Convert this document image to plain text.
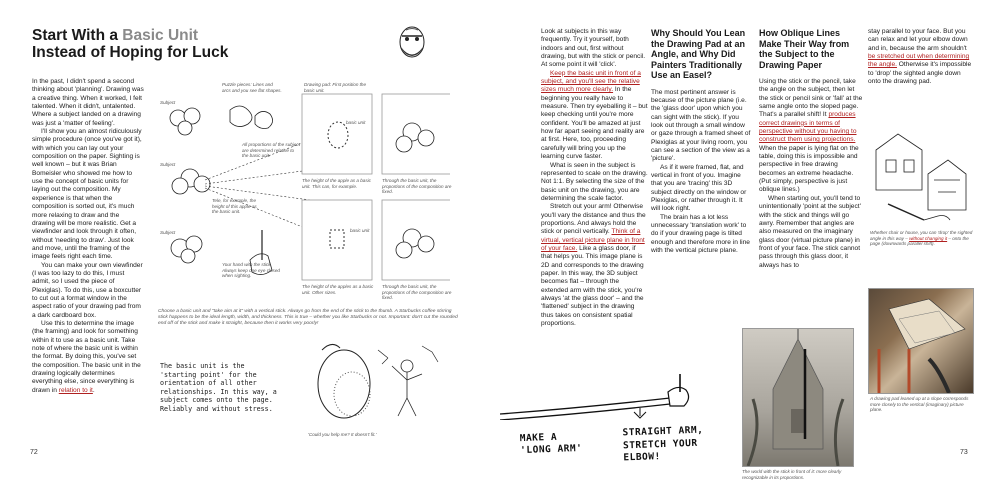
Start With a Basic Unit
Instead of Hoping for Luck

In the past, I didn't spend a second thinking about 'planning'. Drawing was a creative thing. When it worked, I felt talented. When it didn't, untalented. Where a subject landed on a drawing was just a 'matter of feeling'.

I'll show you an almost ridiculously simple procedure (once you've got it), with which you can lay out your composition on the paper. Sighting is well known – but it was Brian Bomeisler who showed me how to use the concept of basic units for laying out the composition. My experience is that when the composition is sorted out, it's much more relaxing to draw and the drawing will be more realistic. Get a viewfinder and look through it often, without 'needing to draw'. Just look and move, until the framing of the image feels right each time.

You can make your own viewfinder (I was too lazy to do this, I must admit, so I used the piece of Plexiglas). To do this, use a boxcutter to cut out a format window in the aspect ratio of your drawing pad from a dark cardboard box.

Use this to determine the image (the framing) and look for something within it to use as a basic unit. Take note of where the basic unit is within the format. By doing this, you've set the composition. The basic unit in the drawing logically determines everything else, since everything is drawn in relation to it.

Subject
Subject
Subject
Puzzle pieces: Lines and arcs and you see flat shapes.
Drawing pad: First position the basic unit.
All proportions of the subject are determined relative to the basic unit.
Tele, for example, the height of this apple as the basic unit.
Your hand with the stick. Always keep one eye closed when sighting.
basic unit
basic unit
The height of the apple as a basic unit. This can, for example.
Through the basic unit, the proportions of the composition are fixed.
The height of the apples as a basic unit. Other sizes.
Through the basic unit, the proportions of the composition are fixed.
Choose a basic unit and "take aim at it" with a vertical stick. Always go from the end of the stick to the thumb. A Starbucks coffee stirring stick happens to be the ideal length, width, and thickness. This is true – whether you like Starbucks or not. Important: don't cut the rounded end off of the stick and make it straight, because then it works very poorly!
The basic unit is the 'starting point' for the orientation of all other relationships. In this way, a subject comes onto the page. Reliably and without stress.
'Could you help me? It doesn't fit.'
72

Look at subjects in this way frequently. Try it yourself, both indoors and out, first without drawing, but with the stick or pencil. At some point it will 'click'.

Keep the basic unit in front of a subject, and you'll see the relative sizes much more clearly. In the beginning you really have to measure. Then try eyeballing it – but keep checking until you're more confident. You'll be amazed at just how far apart seeing and reality are at first. Here, too, proceeding carefully will bring you up the learning curve faster.

What is seen in the subject is represented to scale on the drawing. Not 1:1. By selecting the size of the basic unit on the drawing, you are determining the scale factor.

Stretch out your arm! Otherwise you'll vary the distance and thus the proportions. And always hold the stick or pencil vertically. Think of a virtual, vertical picture plane in front of your face. Like a glass door, if that helps you. This image plane is 2D and corresponds to the drawing paper. In this way, the 3D subject becomes flat – through the extended arm with the stick, you're always 'at the glass door' – and the 'flattened' subject in the drawing thus takes on consistent spatial proportions.

Why Should You Lean the Drawing Pad at an Angle, and Why Did Painters Traditionally Use an Easel?

The most pertinent answer is because of the picture plane (i.e. the 'glass door' upon which you can sight with the stick). If you look out through a small window or gaze through a framed sheet of Plexiglas at your living room, you can see a section of the view as a 'picture'.

As if it were framed, flat, and vertical in front of you. Imagine that you are 'tracing' this 3D subject directly on the window or Plexiglas, or rather through it. It will look right.

The brain has a lot less unnecessary 'translation work' to do if your drawing page is tilted enough and therefore more in line with the vertical picture plane.

How Oblique Lines Make Their Way from the Subject to the Drawing Paper

Using the stick or the pencil, take the angle on the subject, then let the stick or pencil sink or 'fall' at the same angle onto the sloped page. That's a parallel shift! It produces correct drawings in terms of perspective without you having to construct them using projections. When the paper is lying flat on the table, doing this is impossible and perspective in free drawing becomes an extreme headache. (Put simply, perspective is just oblique lines.)

When starting out, you'll tend to unintentionally 'point at the subject' with the stick and things will go awry. Remember that angles are also measured on the imaginary glass door (virtual picture plane) in front of your face. The stick cannot pass through this glass door, it always has to

stay parallel to your face. But you can relax and let your elbow down and in, because the arm shouldn't be stretched out when determining the angle. Otherwise it's impossible to 'drop' the sighted angle down onto the drawing pad.

Whether chair or house, you can 'drop' the sighted angle in this way – without changing it – onto the page (downwards parallel shift).
A drawing pad leaned up at a slope corresponds more closely to the vertical (imaginary) picture plane.
MAKE A
'LONG ARM'
STRAIGHT ARM,
STRETCH YOUR
ELBOW!
The world with the stick in front of it: more clearly recognizable in its proportions.
73
